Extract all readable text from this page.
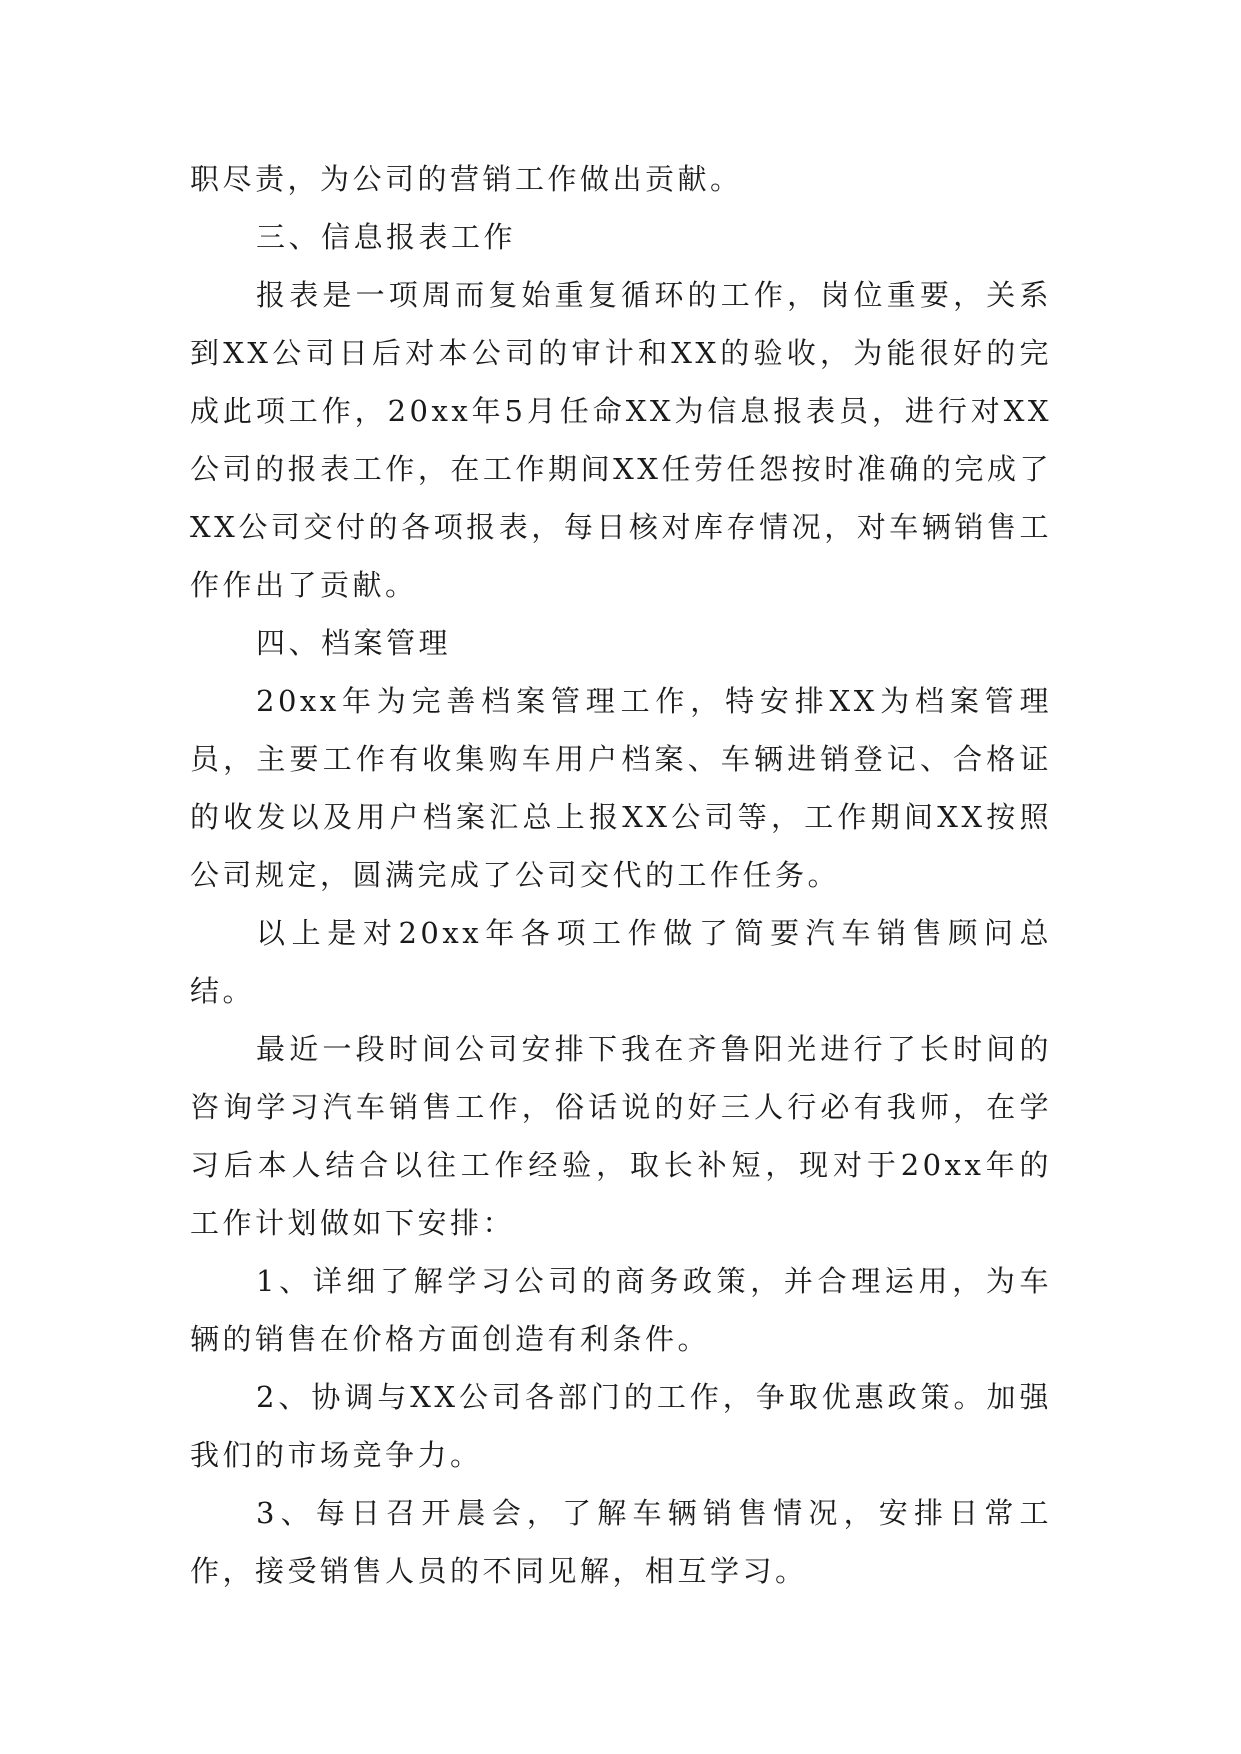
职尽责，为公司的营销工作做出贡献。

三、信息报表工作

报表是一项周而复始重复循环的工作，岗位重要，关系到XX公司日后对本公司的审计和XX的验收，为能很好的完成此项工作，20xx年5月任命XX为信息报表员，进行对XX公司的报表工作，在工作期间XX任劳任怨按时准确的完成了XX公司交付的各项报表，每日核对库存情况，对车辆销售工作作出了贡献。

四、档案管理

20xx年为完善档案管理工作，特安排XX为档案管理员，主要工作有收集购车用户档案、车辆进销登记、合格证的收发以及用户档案汇总上报XX公司等，工作期间XX按照公司规定，圆满完成了公司交代的工作任务。

以上是对20xx年各项工作做了简要汽车销售顾问总结。

最近一段时间公司安排下我在齐鲁阳光进行了长时间的咨询学习汽车销售工作，俗话说的好三人行必有我师，在学习后本人结合以往工作经验，取长补短，现对于20xx年的工作计划做如下安排：

1、详细了解学习公司的商务政策，并合理运用，为车辆的销售在价格方面创造有利条件。

2、协调与XX公司各部门的工作，争取优惠政策。加强我们的市场竞争力。

3、每日召开晨会，了解车辆销售情况，安排日常工作，接受销售人员的不同见解，相互学习。
